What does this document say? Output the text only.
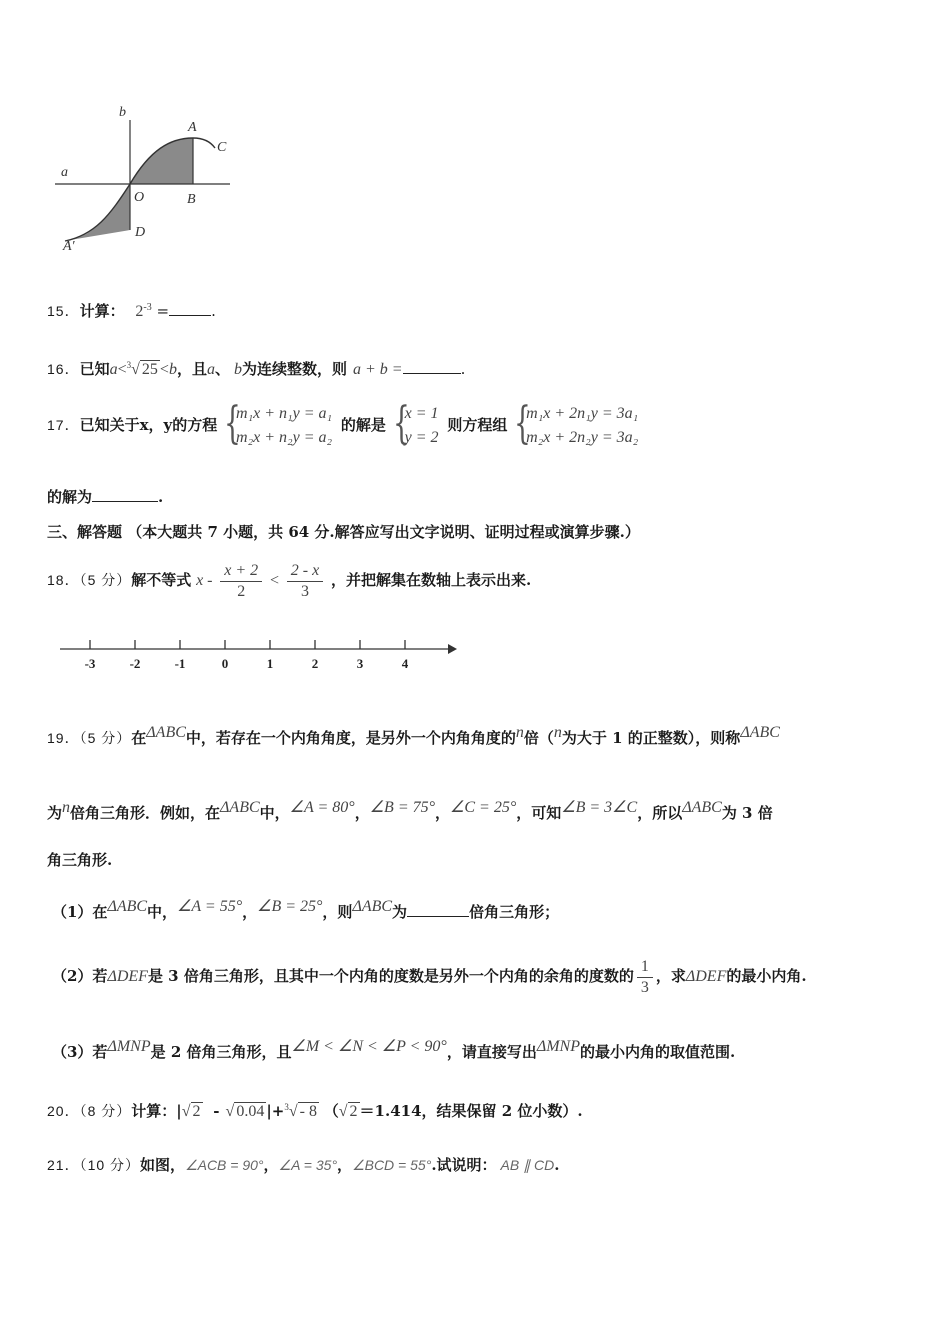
b
a
A
C
O	B
D
A′
15．计算： $2^{-3}$ =	.
16．已知a<$^3$√ 25 <b，且a、 b为连续整数，则 a + b =	.
17．已知关于x，y的方程 {
m₁x + n₁y = a₁
m₂x + n₂y = a₂
的解是 {
x = 1
y = 2
则方程组 {
m₁x + 2n₁y = 3a₁
m₂x + 2n₂y = 3a₂
的解为	.
三、解答题 （本大题共 7 小题，共 64 分.解答应写出文字说明、证明过程或演算步骤.）
18．（5 分）解不等式 $x - \frac{x + 2}{2} < \frac{2 - x}{3}$ ，并把解集在数轴上表示出来.
-3	-2	-1	0	1	2	3	4
19．（5 分）在$^{\Delta ABC}$中，若存在一个内角角度，是另外一个内角角度的$^n$倍（$^n$为大于 1 的正整数），则称$^{\Delta ABC}$
为$^n$倍角三角形．例如，在$^{\Delta ABC}$中，$^{\angle A = 80^\circ}$，$^{\angle B = 75^\circ}$，$^{\angle C = 25^\circ}$，可知$^{\angle B = 3\angle C}$，所以$^{\Delta ABC}$为 3 倍
角三角形.
（1）在$^{\Delta ABC}$中，$^{\angle A = 55^\circ}$，$^{\angle B = 25^\circ}$，则$^{\Delta ABC}$为	倍角三角形；
（2）若ΔDEF是 3 倍角三角形，且其中一个内角的度数是另外一个内角的余角的度数的 $\frac{1}{3}$ ，求ΔDEF的最小内角.
（3）若$^{\Delta MNP}$是 2 倍角三角形，且$^{\angle M < \angle N < \angle P < 90^\circ}$，请直接写出$^{\Delta MNP}$的最小内角的取值范围.
20．（8 分）计算：|√ 2 - √ 0.04 |+$^3$√ - 8 （√ 2 ＝1.414，结果保留 2 位小数）.
21．（10 分）如图，∠ACB = 90°，∠A = 35°，∠BCD = 55°.试说明： AB ∥ CD.
